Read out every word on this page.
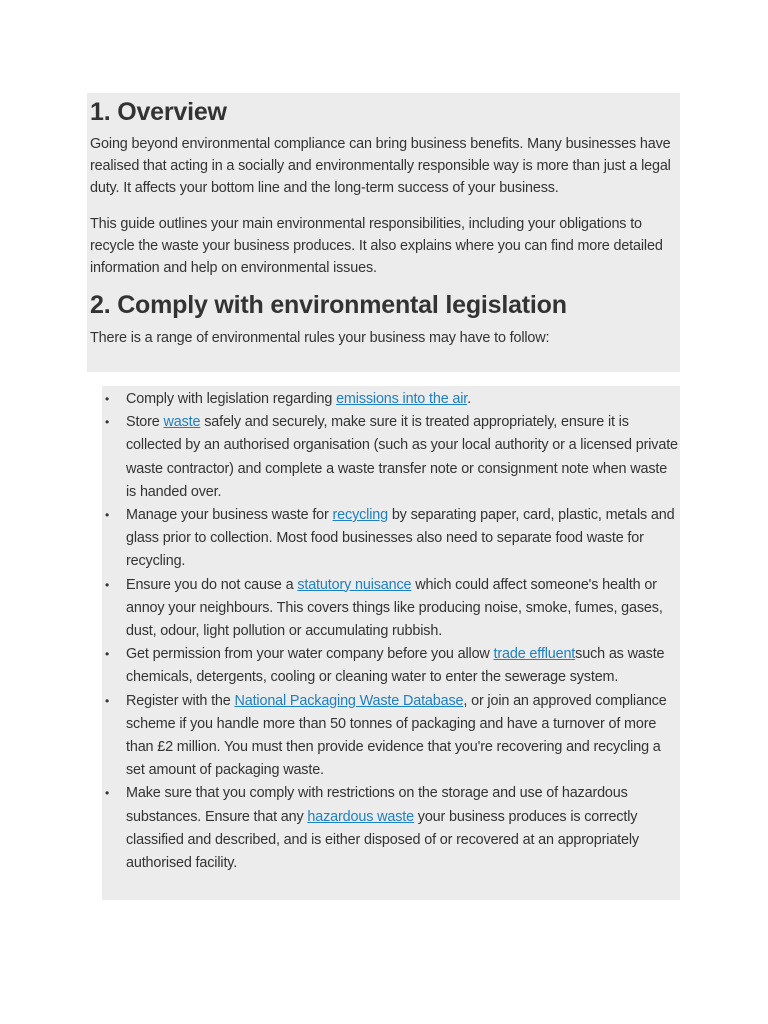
1. Overview

Going beyond environmental compliance can bring business benefits. Many businesses have realised that acting in a socially and environmentally responsible way is more than just a legal duty. It affects your bottom line and the long-term success of your business.

This guide outlines your main environmental responsibilities, including your obligations to recycle the waste your business produces. It also explains where you can find more detailed information and help on environmental issues.

2. Comply with environmental legislation

There is a range of environmental rules your business may have to follow:

• Comply with legislation regarding emissions into the air.
• Store waste safely and securely, make sure it is treated appropriately, ensure it is collected by an authorised organisation (such as your local authority or a licensed private waste contractor) and complete a waste transfer note or consignment note when waste is handed over.
• Manage your business waste for recycling by separating paper, card, plastic, metals and glass prior to collection. Most food businesses also need to separate food waste for recycling.
• Ensure you do not cause a statutory nuisance which could affect someone's health or annoy your neighbours. This covers things like producing noise, smoke, fumes, gases, dust, odour, light pollution or accumulating rubbish.
• Get permission from your water company before you allow trade effluentsuch as waste chemicals, detergents, cooling or cleaning water to enter the sewerage system.
• Register with the National Packaging Waste Database, or join an approved compliance scheme if you handle more than 50 tonnes of packaging and have a turnover of more than £2 million. You must then provide evidence that you're recovering and recycling a set amount of packaging waste.
• Make sure that you comply with restrictions on the storage and use of hazardous substances. Ensure that any hazardous waste your business produces is correctly classified and described, and is either disposed of or recovered at an appropriately authorised facility.
